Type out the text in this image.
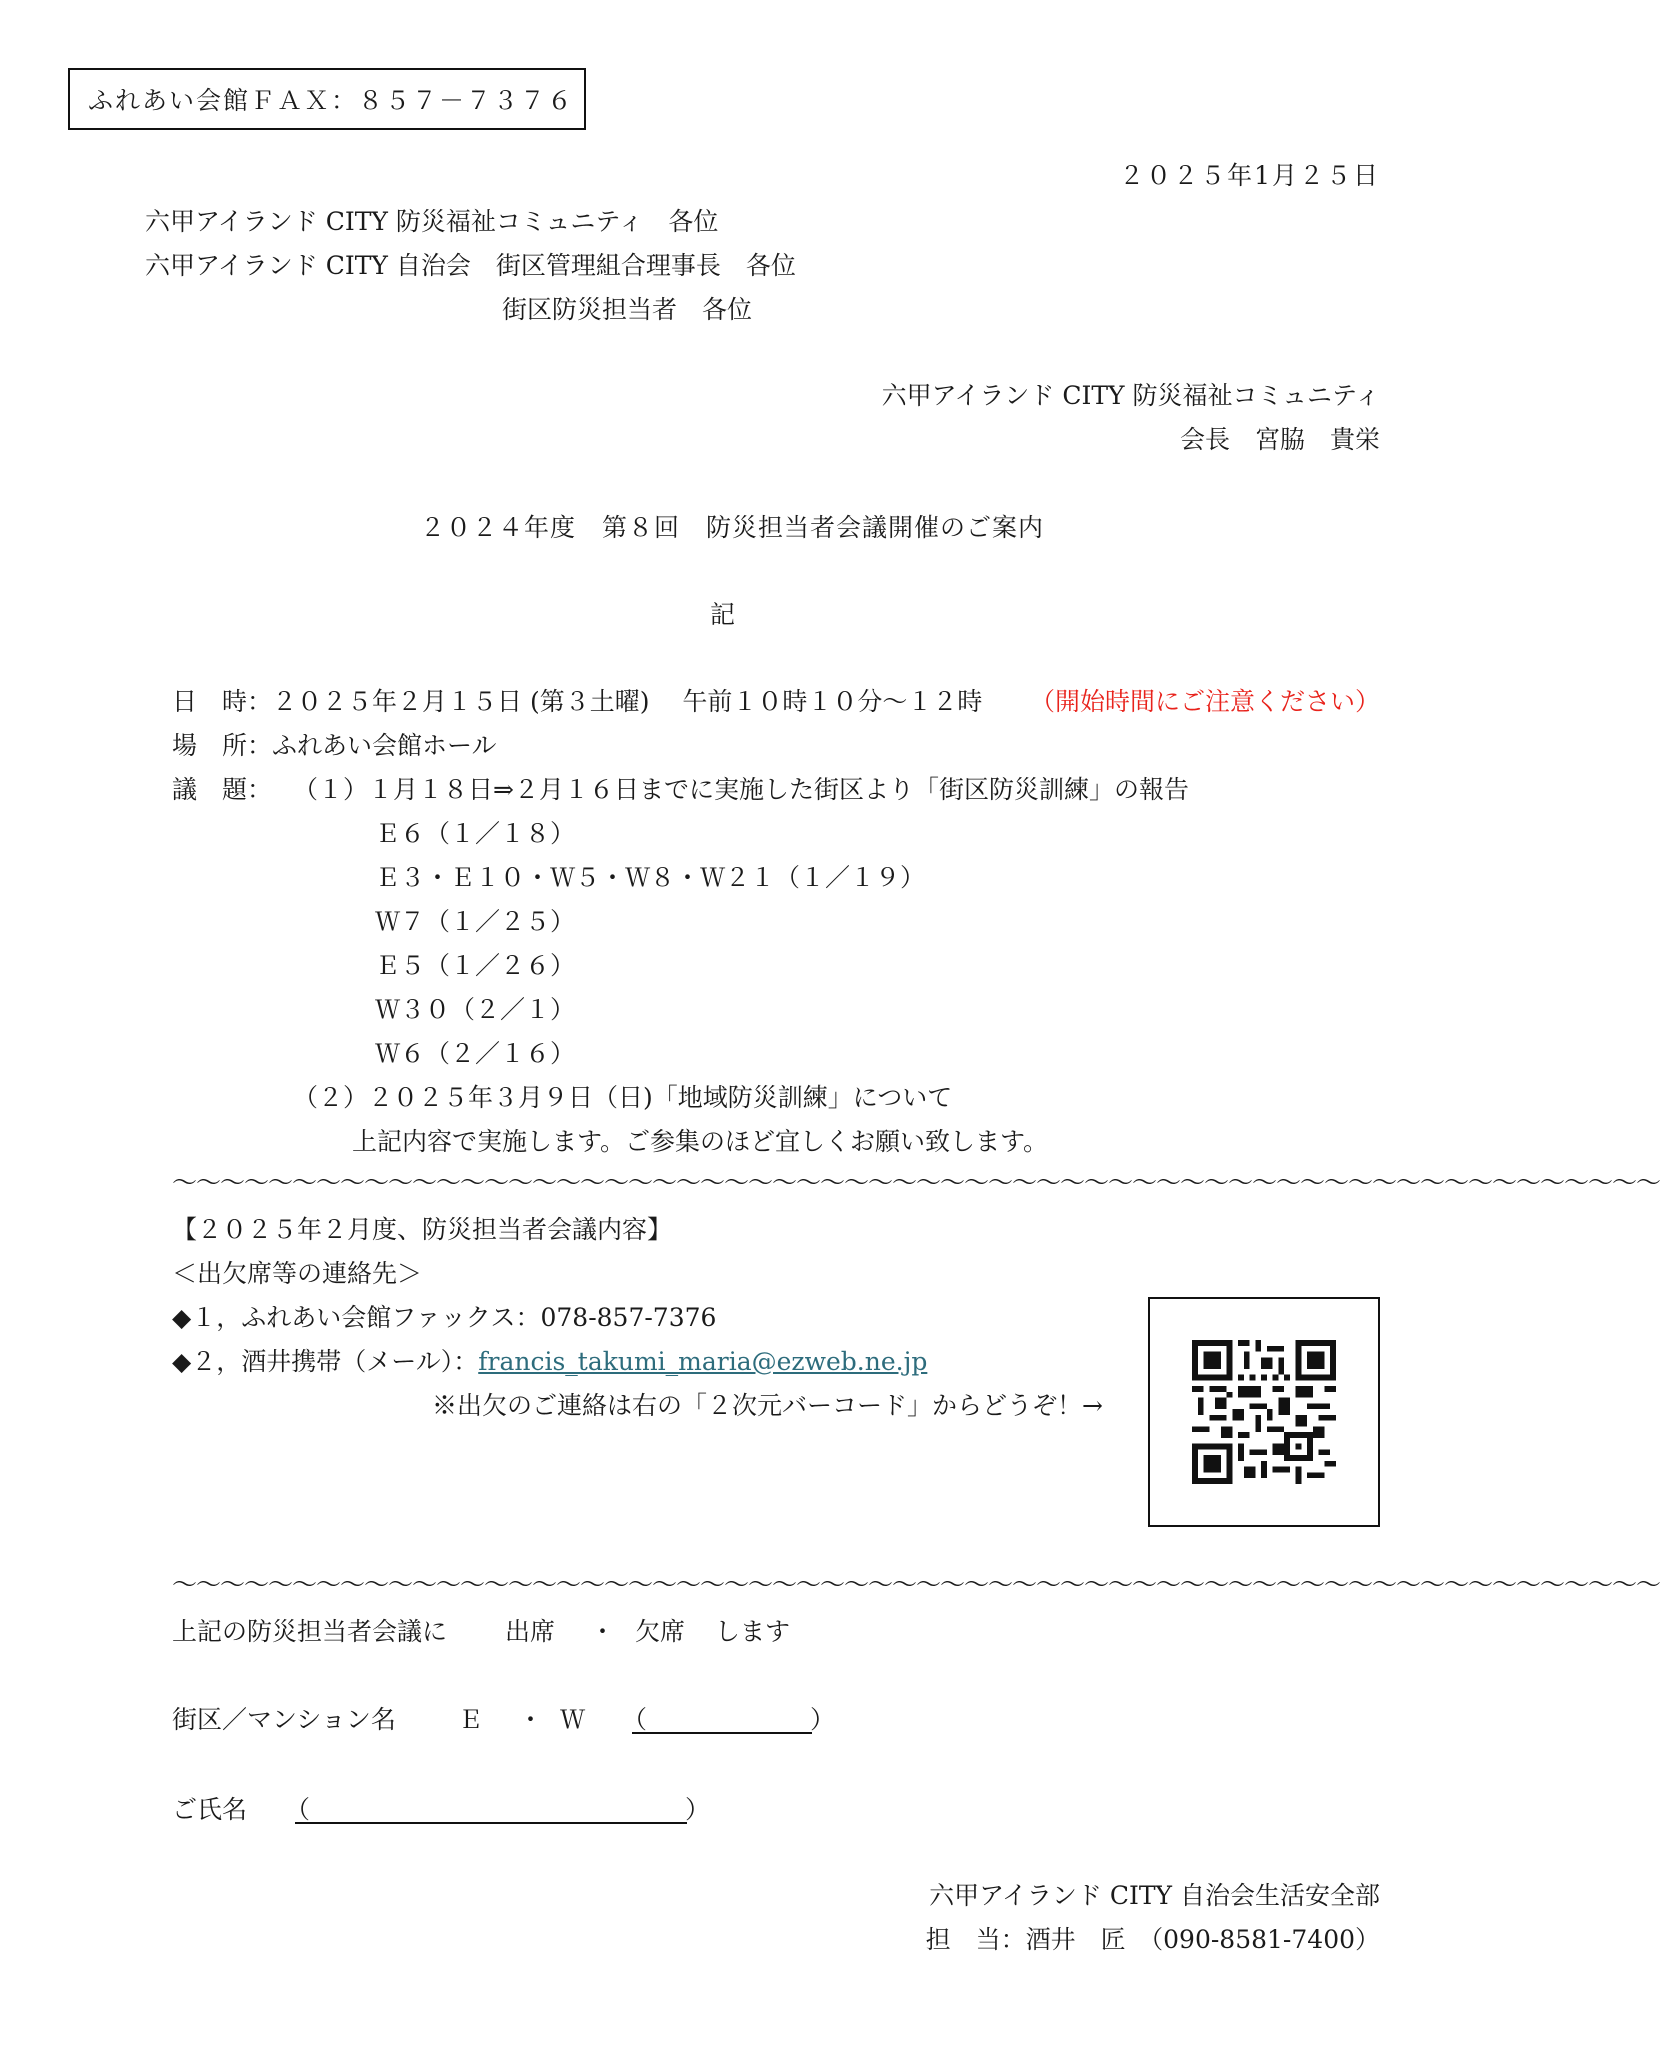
ふれあい会館ＦＡＸ：８５７－７３７６
２０２５年1月２５日
六甲アイランド CITY 防災福祉コミュニティ　各位
六甲アイランド CITY 自治会　街区管理組合理事長　各位
街区防災担当者　各位
六甲アイランド CITY 防災福祉コミュニティ
会長　宮脇　貴栄
２０２４年度　第８回　防災担当者会議開催のご案内
記
日　時：２０２５年２月１５日 (第３土曜)　 午前１０時１０分～１２時 （開始時間にご注意ください）
場　所：ふれあい会館ホール
議　題： （１）１月１８日⇒２月１６日までに実施した街区より「街区防災訓練」の報告
Ｅ６（１／１８）
Ｅ３・Ｅ１０・Ｗ５・Ｗ８・Ｗ２１（１／１９）
Ｗ７（１／２５）
Ｅ５（１／２６）
Ｗ３０（２／１）
Ｗ６（２／１６）
（２）２０２５年３月９日（日)「地域防災訓練」について
上記内容で実施します。ご参集のほど宜しくお願い致します。
～～～～～～～～～～～～～～～～～～～～～～～～～～～～～～～～～～～～～～～～～～～～～～～～～～～～～～～～～～～～～～
【２０２５年２月度、防災担当者会議内容】
＜出欠席等の連絡先＞
◆１，ふれあい会館ファックス：078-857-7376
◆２，酒井携帯（メール）：francis_takumi_maria@ezweb.ne.jp
※出欠のご連絡は右の「２次元バーコード」からどうぞ！→
～～～～～～～～～～～～～～～～～～～～～～～～～～～～～～～～～～～～～～～～～～～～～～～～～～～～～～～～～～～～～～
上記の防災担当者会議に 出席 ・ 欠席 します
街区／マンション名 Ｅ ・ Ｗ （	）
ご氏名 （	）
六甲アイランド CITY 自治会生活安全部
担　当：酒井　匠　（090-8581-7400）
